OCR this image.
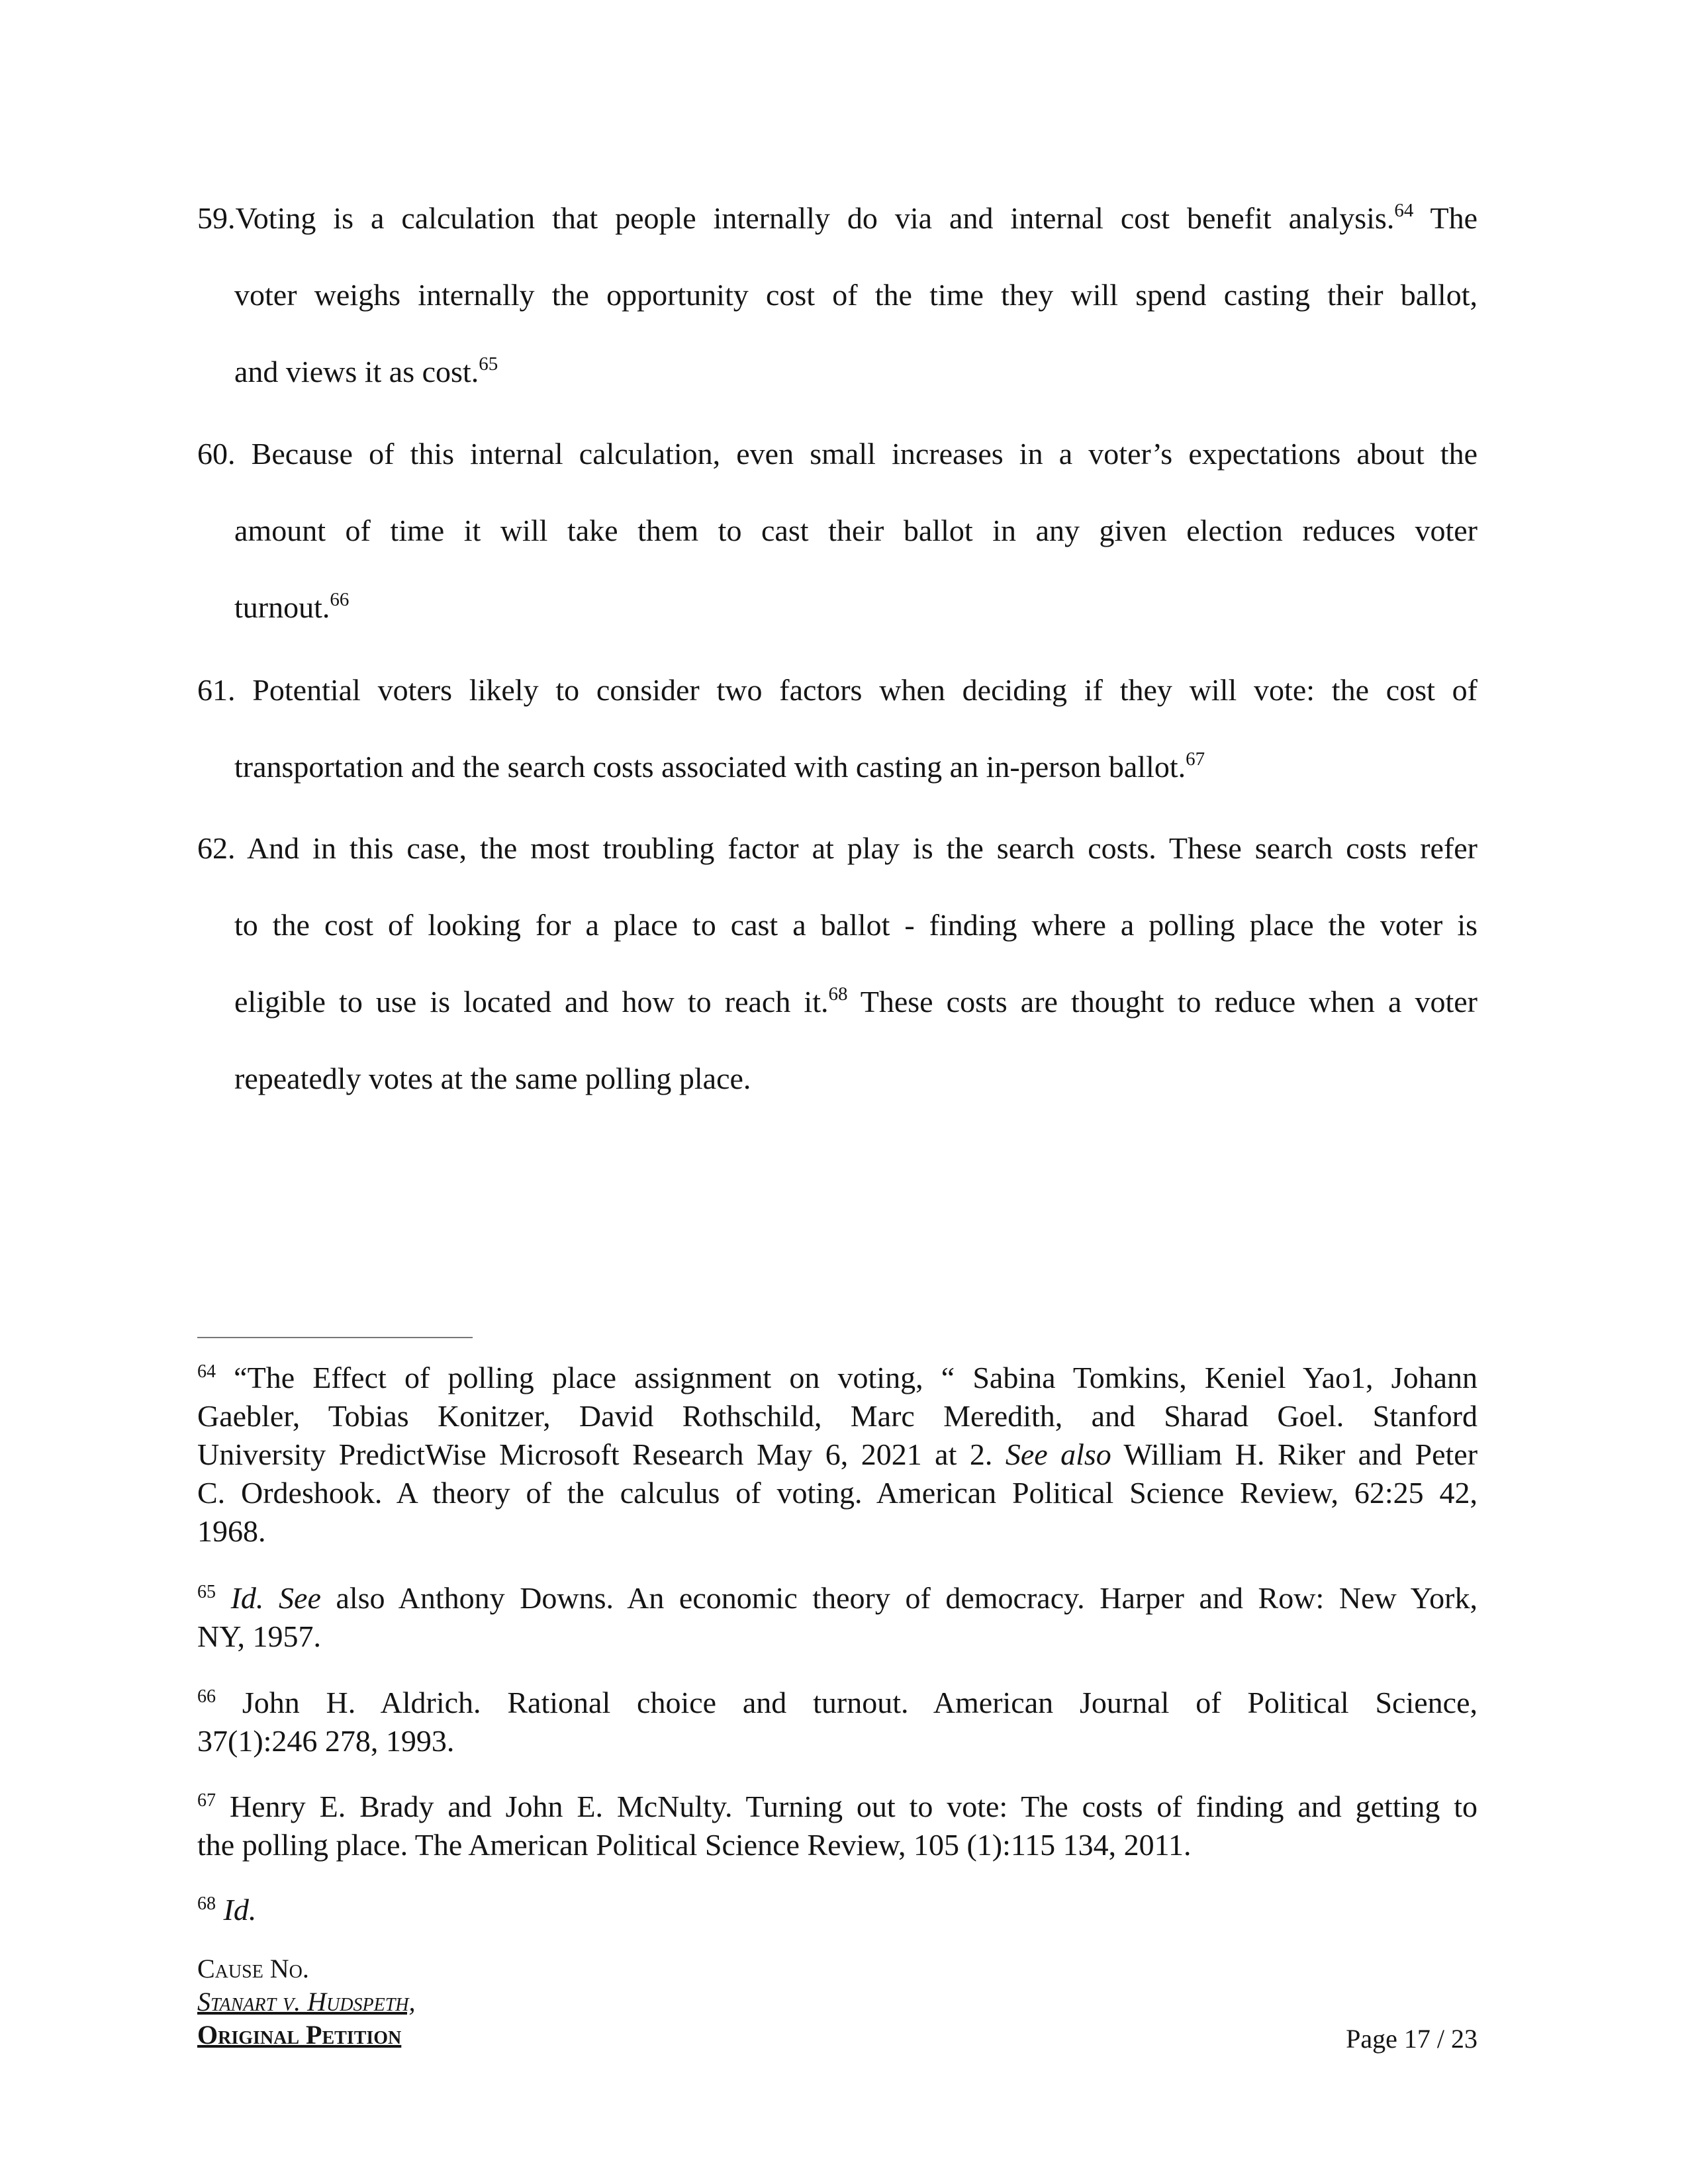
59.Voting is a calculation that people internally do via and internal cost benefit analysis.$^{64}$ The
voter weighs internally the opportunity cost of the time they will spend casting their ballot,
and views it as cost.$^{65}$
60. Because of this internal calculation, even small increases in a voter’s expectations about the
amount of time it will take them to cast their ballot in any given election reduces voter
turnout.$^{66}$
61. Potential voters likely to consider two factors when deciding if they will vote: the cost of
transportation and the search costs associated with casting an in-person ballot.$^{67}$
62. And in this case, the most troubling factor at play is the search costs. These search costs refer
to the cost of looking for a place to cast a ballot - finding where a polling place the voter is
eligible to use is located and how to reach it.$^{68}$ These costs are thought to reduce when a voter
repeatedly votes at the same polling place.
$^{64}$ “The Effect of polling place assignment on voting, “ Sabina Tomkins, Keniel Yao1, Johann
Gaebler, Tobias Konitzer, David Rothschild, Marc Meredith, and Sharad Goel. Stanford
University PredictWise Microsoft Research May 6, 2021 at 2. See also William H. Riker and Peter
C. Ordeshook. A theory of the calculus of voting. American Political Science Review, 62:25 42,
1968.
$^{65}$ Id. See also Anthony Downs. An economic theory of democracy. Harper and Row: New York,
NY, 1957.
$^{66}$ John H. Aldrich. Rational choice and turnout. American Journal of Political Science,
37(1):246 278, 1993.
$^{67}$ Henry E. Brady and John E. McNulty. Turning out to vote: The costs of finding and getting to
the polling place. The American Political Science Review, 105 (1):115 134, 2011.
$^{68}$ Id.
Cause No.
Stanart v. Hudspeth,
Original Petition	Page 17 / 23
